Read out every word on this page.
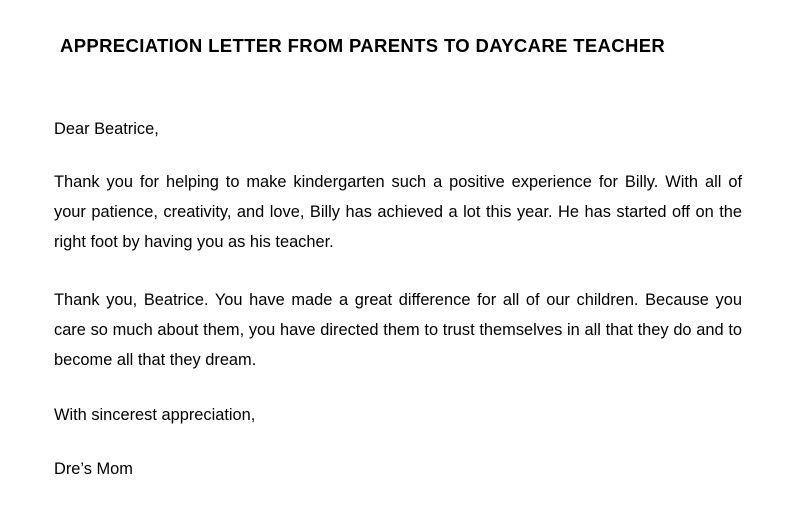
APPRECIATION LETTER FROM PARENTS TO DAYCARE TEACHER

Dear Beatrice,

Thank you for helping to make kindergarten such a positive experience for Billy. With all of your patience, creativity, and love, Billy has achieved a lot this year. He has started off on the right foot by having you as his teacher.

Thank you, Beatrice. You have made a great difference for all of our children. Because you care so much about them, you have directed them to trust themselves in all that they do and to become all that they dream.

With sincerest appreciation,

Dre’s Mom
